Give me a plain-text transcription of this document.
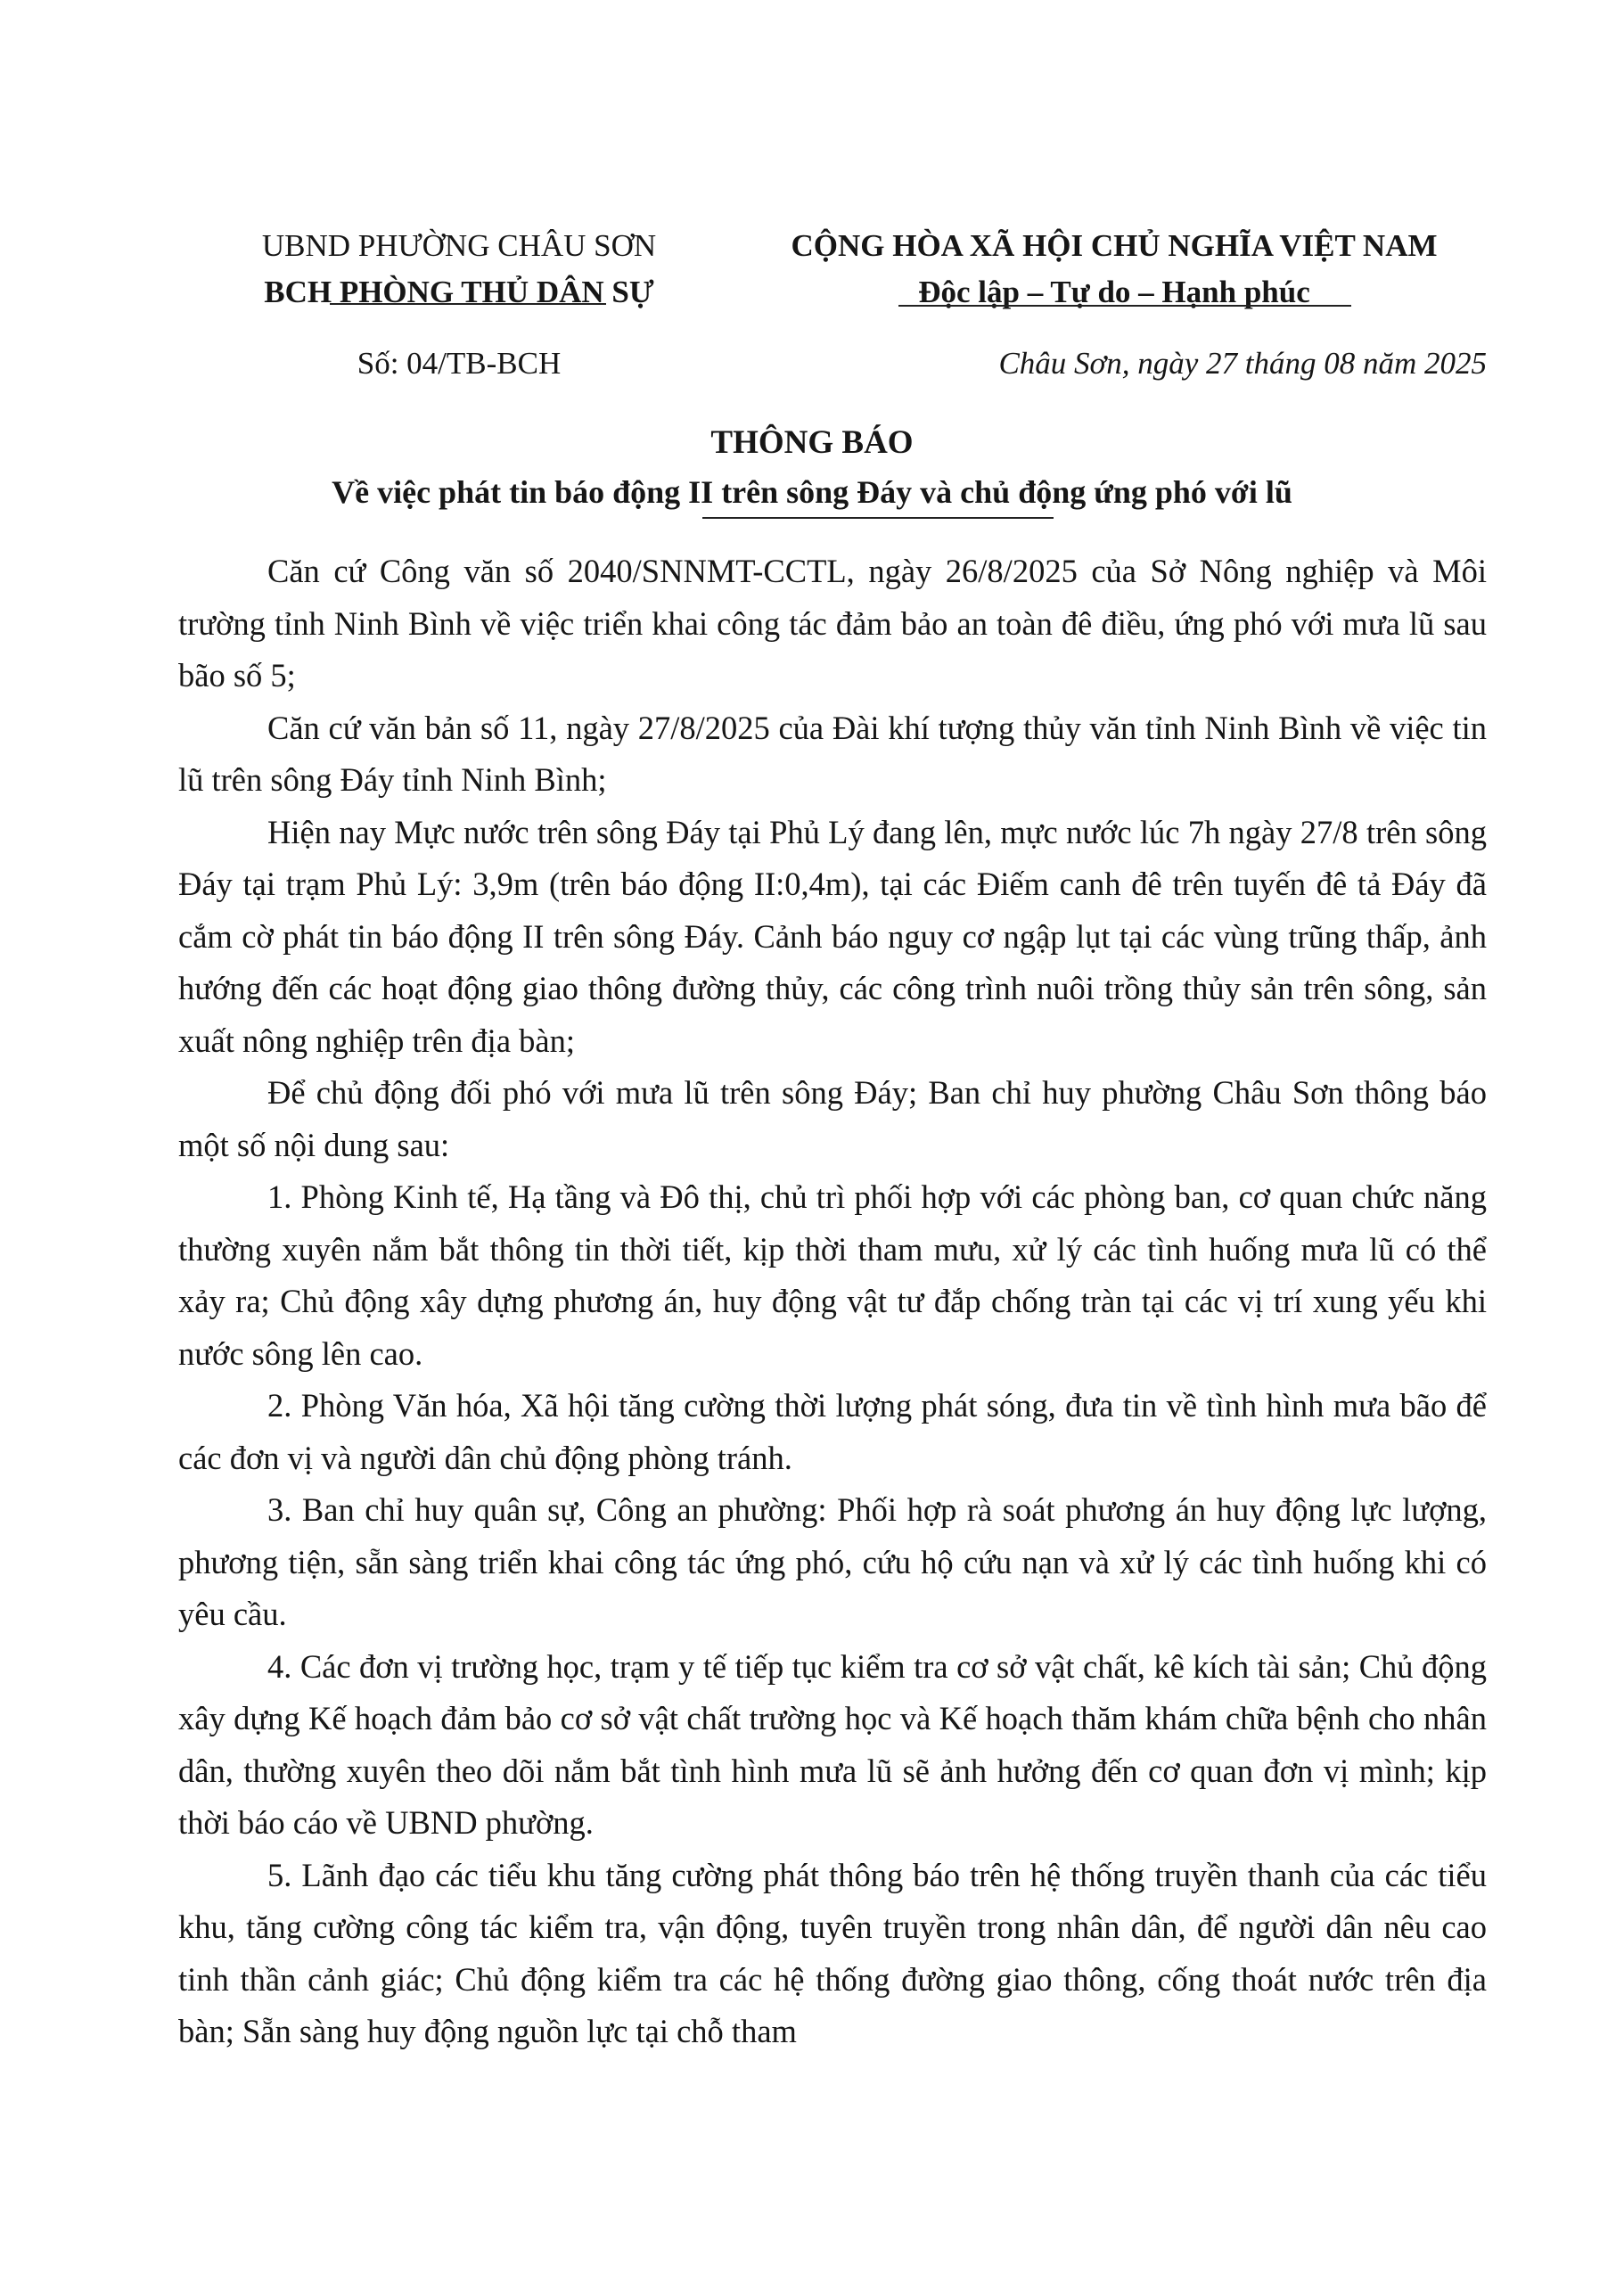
UBND PHƯỜNG CHÂU SƠN
BCH PHÒNG THỦ DÂN SỰ
CỘNG HÒA XÃ HỘI CHỦ NGHĨA VIỆT NAM
Độc lập – Tự do – Hạnh phúc
Số: 04/TB-BCH	Châu Sơn, ngày 27 tháng 08 năm 2025
THÔNG BÁO
Về việc phát tin báo động II trên sông Đáy và chủ động ứng phó với lũ

Căn cứ Công văn số 2040/SNNMT-CCTL, ngày 26/8/2025 của Sở Nông nghiệp và Môi trường tỉnh Ninh Bình về việc triển khai công tác đảm bảo an toàn đê điều, ứng phó với mưa lũ sau bão số 5;

Căn cứ văn bản số 11, ngày 27/8/2025 của Đài khí tượng thủy văn tỉnh Ninh Bình về việc tin lũ trên sông Đáy tỉnh Ninh Bình;

Hiện nay Mực nước trên sông Đáy tại Phủ Lý đang lên, mực nước lúc 7h ngày 27/8 trên sông Đáy tại trạm Phủ Lý: 3,9m (trên báo động II:0,4m), tại các Điếm canh đê trên tuyến đê tả Đáy đã cắm cờ phát tin báo động II trên sông Đáy. Cảnh báo nguy cơ ngập lụt tại các vùng trũng thấp, ảnh hướng đến các hoạt động giao thông đường thủy, các công trình nuôi trồng thủy sản trên sông, sản xuất nông nghiệp trên địa bàn;

Để chủ động đối phó với mưa lũ trên sông Đáy; Ban chỉ huy phường Châu Sơn thông báo một số nội dung sau:

1. Phòng Kinh tế, Hạ tầng và Đô thị, chủ trì phối hợp với các phòng ban, cơ quan chức năng thường xuyên nắm bắt thông tin thời tiết, kịp thời tham mưu, xử lý các tình huống mưa lũ có thể xảy ra; Chủ động xây dựng phương án, huy động vật tư đắp chống tràn tại các vị trí xung yếu khi nước sông lên cao.

2. Phòng Văn hóa, Xã hội tăng cường thời lượng phát sóng, đưa tin về tình hình mưa bão để các đơn vị và người dân chủ động phòng tránh.

3. Ban chỉ huy quân sự, Công an phường: Phối hợp rà soát phương án huy động lực lượng, phương tiện, sẵn sàng triển khai công tác ứng phó, cứu hộ cứu nạn và xử lý các tình huống khi có yêu cầu.

4. Các đơn vị trường học, trạm y tế tiếp tục kiểm tra cơ sở vật chất, kê kích tài sản; Chủ động xây dựng Kế hoạch đảm bảo cơ sở vật chất trường học và Kế hoạch thăm khám chữa bệnh cho nhân dân, thường xuyên theo dõi nắm bắt tình hình mưa lũ sẽ ảnh hưởng đến cơ quan đơn vị mình; kịp thời báo cáo về UBND phường.

5. Lãnh đạo các tiểu khu tăng cường phát thông báo trên hệ thống truyền thanh của các tiểu khu, tăng cường công tác kiểm tra, vận động, tuyên truyền trong nhân dân, để người dân nêu cao tinh thần cảnh giác; Chủ động kiểm tra các hệ thống đường giao thông, cống thoát nước trên địa bàn; Sẵn sàng huy động nguồn lực tại chỗ tham
